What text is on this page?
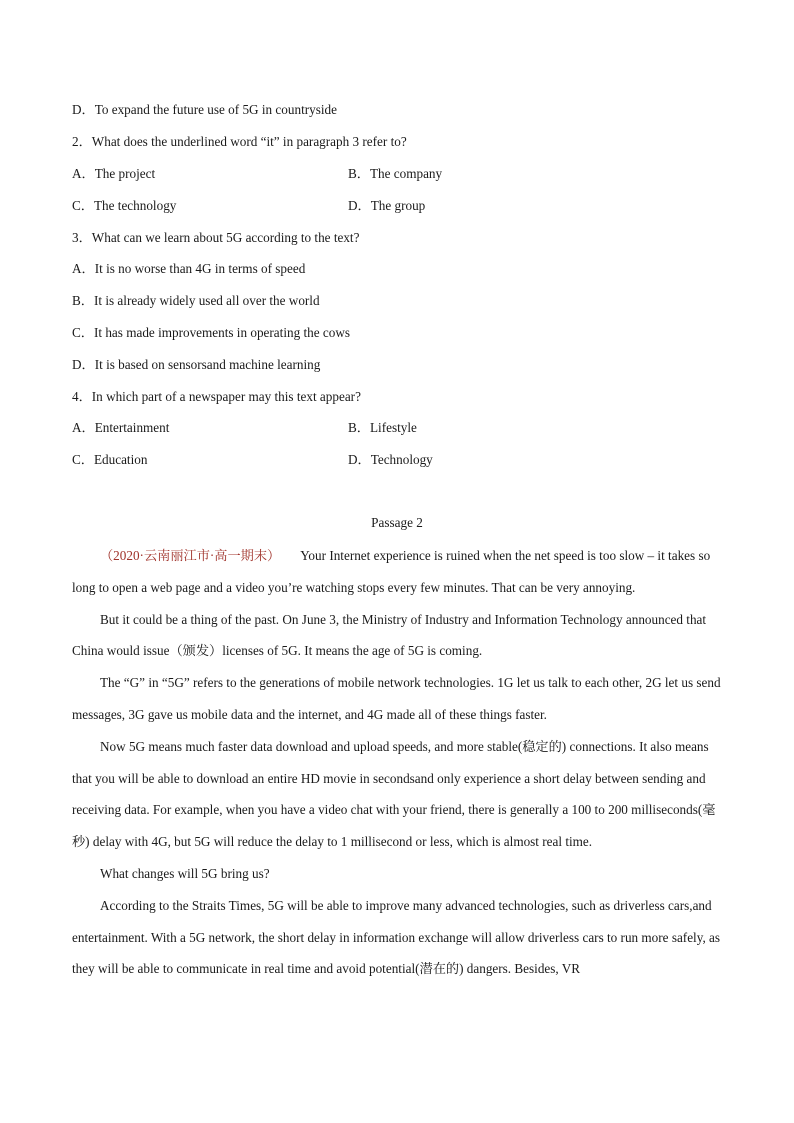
D．To expand the future use of 5G in countryside
2．What does the underlined word “it” in paragraph 3 refer to?
A．The project	B．The company
C．The technology	D．The group
3．What can we learn about 5G according to the text?
A．It is no worse than 4G in terms of speed
B．It is already widely used all over the world
C．It has made improvements in operating the cows
D．It is based on sensorsand machine learning
4．In which part of a newspaper may this text appear?
A．Entertainment	B．Lifestyle
C．Education	D．Technology
Passage 2
（2020·云南丽江市·高一期末） Your Internet experience is ruined when the net speed is too slow – it takes so long to open a web page and a video you’re watching stops every few minutes. That can be very annoying.
But it could be a thing of the past. On June 3, the Ministry of Industry and Information Technology announced that China would issue（颁发）licenses of 5G. It means the age of 5G is coming.
The “G” in “5G” refers to the generations of mobile network technologies. 1G let us talk to each other, 2G let us send messages, 3G gave us mobile data and the internet, and 4G made all of these things faster.
Now 5G means much faster data download and upload speeds, and more stable(稳定的) connections. It also means that you will be able to download an entire HD movie in secondsand only experience a short delay between sending and receiving data. For example, when you have a video chat with your friend, there is generally a 100 to 200 milliseconds(毫秒) delay with 4G, but 5G will reduce the delay to 1 millisecond or less, which is almost real time.
What changes will 5G bring us?
According to the Straits Times, 5G will be able to improve many advanced technologies, such as driverless cars,and entertainment. With a 5G network, the short delay in information exchange will allow driverless cars to run more safely, as they will be able to communicate in real time and avoid potential(潜在的) dangers. Besides, VR
